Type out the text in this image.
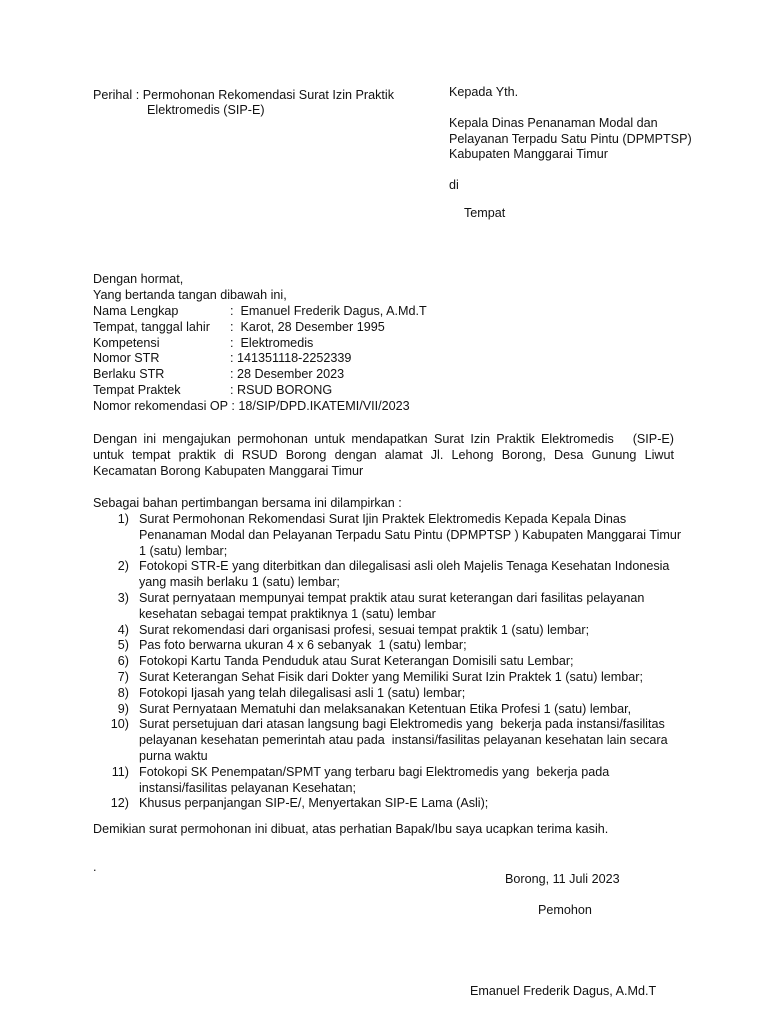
Perihal : Permohonan Rekomendasi Surat Izin Praktik
Elektromedis (SIP-E)

Kepada Yth.

Kepala Dinas Penanaman Modal dan Pelayanan Terpadu Satu Pintu (DPMPTSP) Kabupaten Manggarai Timur

di

Tempat

Dengan hormat,
Yang bertanda tangan dibawah ini,
Nama Lengkap	: Emanuel Frederik Dagus, A.Md.T
Tempat, tanggal lahir	: Karot, 28 Desember 1995
Kompetensi	: Elektromedis
Nomor STR	: 141351118-2252339
Berlaku STR	: 28 Desember 2023
Tempat Praktek	: RSUD BORONG
Nomor rekomendasi OP : 18/SIP/DPD.IKATEMI/VII/2023
Dengan ini mengajukan permohonan untuk mendapatkan Surat Izin Praktik Elektromedis   (SIP-E) untuk tempat praktik di RSUD Borong dengan alamat Jl. Lehong Borong, Desa Gunung Liwut Kecamatan Borong Kabupaten Manggarai Timur
Sebagai bahan pertimbangan bersama ini dilampirkan :
1) Surat Permohonan Rekomendasi Surat Ijin Praktek Elektromedis Kepada Kepala Dinas Penanaman Modal dan Pelayanan Terpadu Satu Pintu (DPMPTSP ) Kabupaten Manggarai Timur 1 (satu) lembar;
2) Fotokopi STR-E yang diterbitkan dan dilegalisasi asli oleh Majelis Tenaga Kesehatan Indonesia yang masih berlaku 1 (satu) lembar;
3) Surat pernyataan mempunyai tempat praktik atau surat keterangan dari fasilitas pelayanan kesehatan sebagai tempat praktiknya 1 (satu) lembar
4) Surat rekomendasi dari organisasi profesi, sesuai tempat praktik 1 (satu) lembar;
5) Pas foto berwarna ukuran 4 x 6 sebanyak  1 (satu) lembar;
6) Fotokopi Kartu Tanda Penduduk atau Surat Keterangan Domisili satu Lembar;
7) Surat Keterangan Sehat Fisik dari Dokter yang Memiliki Surat Izin Praktek 1 (satu) lembar;
8) Fotokopi Ijasah yang telah dilegalisasi asli 1 (satu) lembar;
9) Surat Pernyataan Mematuhi dan melaksanakan Ketentuan Etika Profesi 1 (satu) lembar,
10) Surat persetujuan dari atasan langsung bagi Elektromedis yang  bekerja pada instansi/fasilitas pelayanan kesehatan pemerintah atau pada  instansi/fasilitas pelayanan kesehatan lain secara purna waktu
11) Fotokopi SK Penempatan/SPMT yang terbaru bagi Elektromedis yang  bekerja pada instansi/fasilitas pelayanan Kesehatan;
12) Khusus perpanjangan SIP-E/, Menyertakan SIP-E Lama (Asli);
Demikian surat permohonan ini dibuat, atas perhatian Bapak/Ibu saya ucapkan terima kasih.
.
Borong, 11 Juli 2023
Pemohon
Emanuel Frederik Dagus, A.Md.T
